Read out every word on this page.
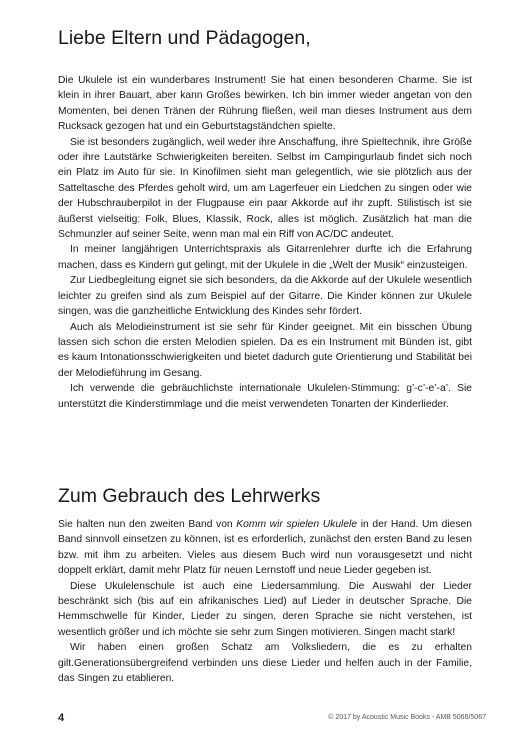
Liebe Eltern und Pädagogen,

Die Ukulele ist ein wunderbares Instrument! Sie hat einen besonderen Charme. Sie ist klein in ihrer Bauart, aber kann Großes bewirken. Ich bin immer wieder angetan von den Momenten, bei denen Tränen der Rührung fließen, weil man dieses Instrument aus dem Rucksack gezogen hat und ein Geburtstagständchen spielte.

Sie ist besonders zugänglich, weil weder ihre Anschaffung, ihre Spieltechnik, ihre Größe oder ihre Lautstärke Schwierigkeiten bereiten. Selbst im Campingurlaub findet sich noch ein Platz im Auto für sie. In Kinofilmen sieht man gelegentlich, wie sie plötzlich aus der Satteltasche des Pferdes geholt wird, um am Lagerfeuer ein Liedchen zu singen oder wie der Hubschrauberpilot in der Flugpause ein paar Akkorde auf ihr zupft. Stilistisch ist sie äußerst vielseitig: Folk, Blues, Klassik, Rock, alles ist möglich. Zusätzlich hat man die Schmunzler auf seiner Seite, wenn man mal ein Riff von AC/DC andeutet.

In meiner langjährigen Unterrichtspraxis als Gitarrenlehrer durfte ich die Erfahrung machen, dass es Kindern gut gelingt, mit der Ukulele in die „Welt der Musik“ einzusteigen.

Zur Liedbegleitung eignet sie sich besonders, da die Akkorde auf der Ukulele wesentlich leichter zu greifen sind als zum Beispiel auf der Gitarre. Die Kinder können zur Ukulele singen, was die ganzheitliche Entwicklung des Kindes sehr fördert.

Auch als Melodieinstrument ist sie sehr für Kinder geeignet. Mit ein bisschen Übung lassen sich schon die ersten Melodien spielen. Da es ein Instrument mit Bünden ist, gibt es kaum Intonationsschwierigkeiten und bietet dadurch gute Orientierung und Stabilität bei der Melodieführung im Gesang.

Ich verwende die gebräuchlichste internationale Ukulelen-Stimmung: g’-c’-e’-a’. Sie unterstützt die Kinderstimmlage und die meist verwendeten Tonarten der Kinderlieder.

Zum Gebrauch des Lehrwerks

Sie halten nun den zweiten Band von Komm wir spielen Ukulele in der Hand. Um diesen Band sinnvoll einsetzen zu können, ist es erforderlich, zunächst den ersten Band zu lesen bzw. mit ihm zu arbeiten. Vieles aus diesem Buch wird nun vorausgesetzt und nicht doppelt erklärt, damit mehr Platz für neuen Lernstoff und neue Lieder gegeben ist.

Diese Ukulelenschule ist auch eine Liedersammlung. Die Auswahl der Lieder beschränkt sich (bis auf ein afrikanisches Lied) auf Lieder in deutscher Sprache. Die Hemmschwelle für Kinder, Lieder zu singen, deren Sprache sie nicht verstehen, ist wesentlich größer und ich möchte sie sehr zum Singen motivieren. Singen macht stark!

Wir haben einen großen Schatz am Volksliedern, die es zu erhalten gilt.Generationsübergreifend verbinden uns diese Lieder und helfen auch in der Familie, das Singen zu etablieren.

4	© 2017 by Acoustic Music Books - AMB 5066/5067
